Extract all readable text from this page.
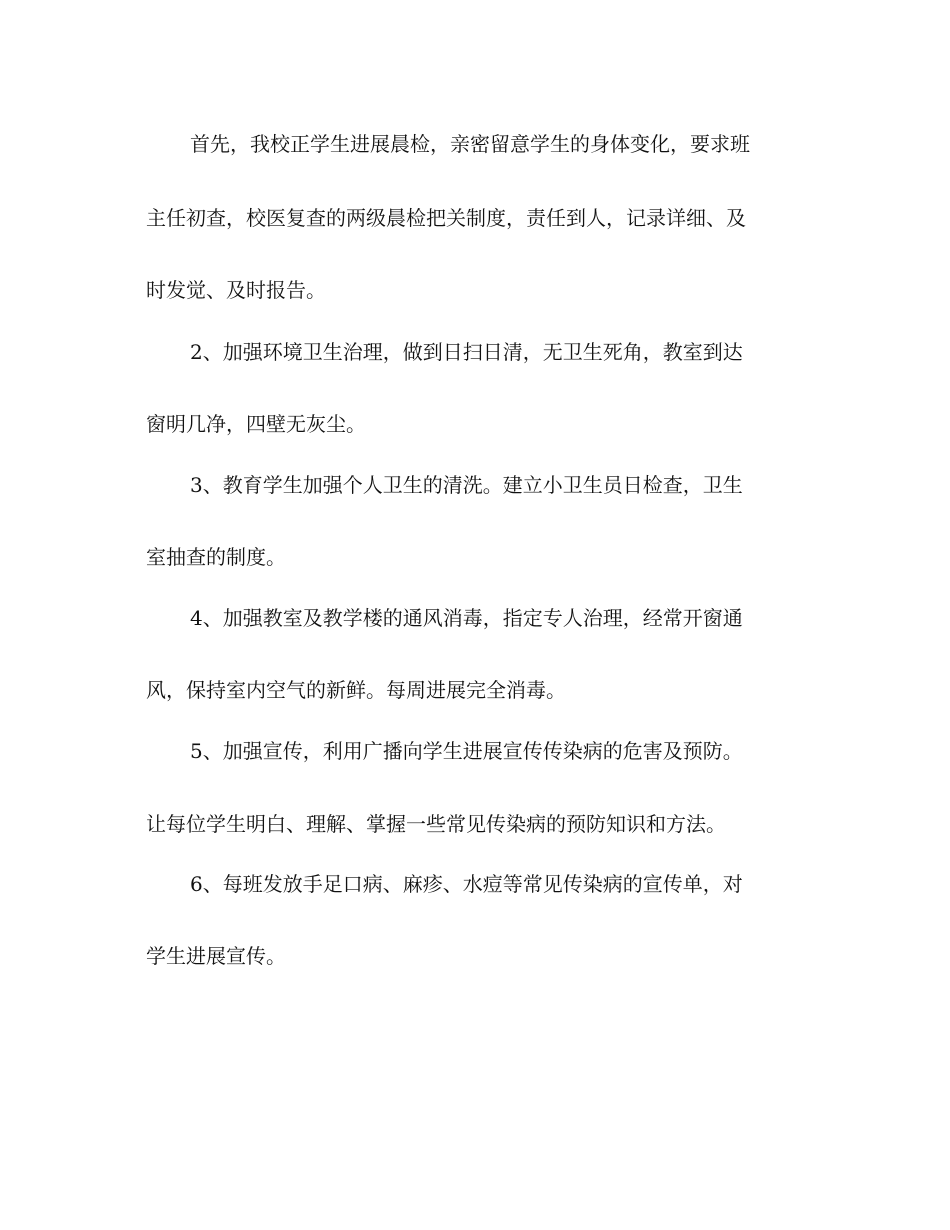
首先，我校正学生进展晨检，亲密留意学生的身体变化，要求班

主任初查，校医复查的两级晨检把关制度，责任到人，记录详细、及

时发觉、及时报告。

2、加强环境卫生治理，做到日扫日清，无卫生死角，教室到达

窗明几净，四壁无灰尘。

3、教育学生加强个人卫生的清洗。建立小卫生员日检查，卫生

室抽查的制度。

4、加强教室及教学楼的通风消毒，指定专人治理，经常开窗通

风，保持室内空气的新鲜。每周进展完全消毒。

5、加强宣传，利用广播向学生进展宣传传染病的危害及预防。

让每位学生明白、理解、掌握一些常见传染病的预防知识和方法。

6、每班发放手足口病、麻疹、水痘等常见传染病的宣传单，对

学生进展宣传。
